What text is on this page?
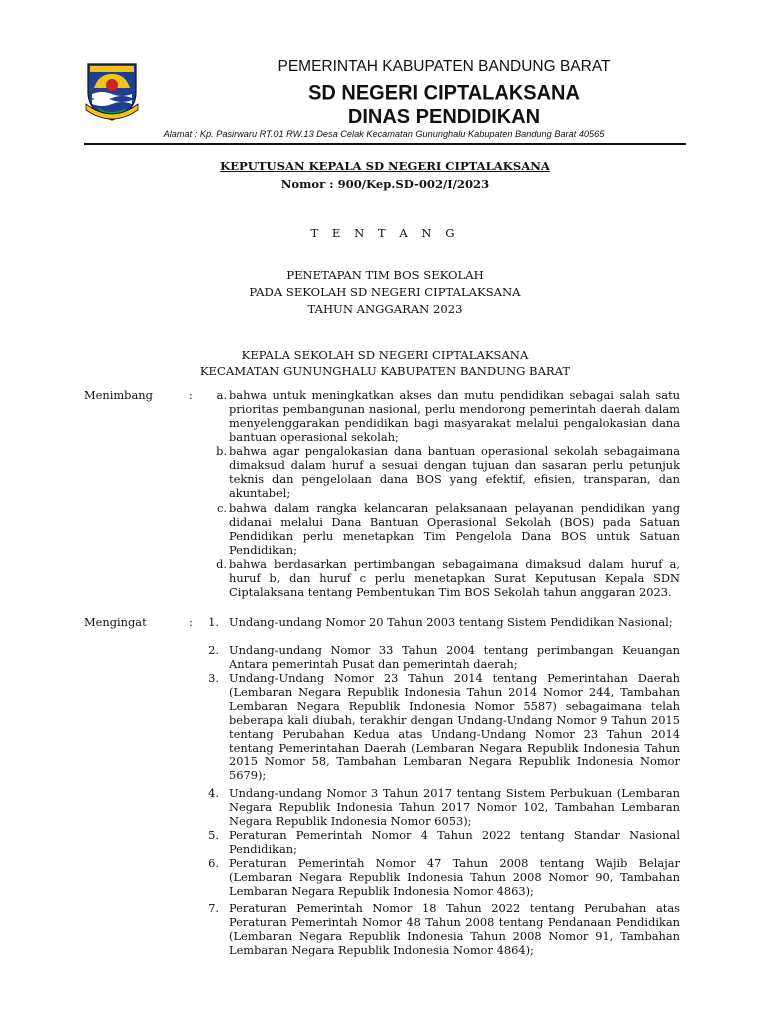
PEMERINTAH KABUPATEN BANDUNG BARAT
SD NEGERI CIPTALAKSANA
DINAS PENDIDIKAN
Alamat : Kp. Pasirwaru RT.01 RW.13 Desa Celak Kecamatan Gununghalu Kabupaten Bandung Barat 40565
KEPUTUSAN KEPALA SD NEGERI CIPTALAKSANA
Nomor : 900/Kep.SD-002/I/2023
T E N T A N G
PENETAPAN TIM BOS SEKOLAH
PADA SEKOLAH SD NEGERI CIPTALAKSANA
TAHUN ANGGARAN 2023
KEPALA SEKOLAH SD NEGERI CIPTALAKSANA
KECAMATAN GUNUNGHALU KABUPATEN BANDUNG BARAT
Menimbang	:	a. bahwa untuk meningkatkan akses dan mutu pendidikan sebagai salah satu prioritas pembangunan nasional, perlu mendorong pemerintah daerah dalam menyelenggarakan pendidikan bagi masyarakat melalui pengalokasian dana bantuan operasional sekolah;
b. bahwa agar pengalokasian dana bantuan operasional sekolah sebagaimana dimaksud dalam huruf a sesuai dengan tujuan dan sasaran perlu petunjuk teknis dan pengelolaan dana BOS yang efektif, efisien, transparan, dan akuntabel;
c. bahwa dalam rangka kelancaran pelaksanaan pelayanan pendidikan yang didanai melalui Dana Bantuan Operasional Sekolah (BOS) pada Satuan Pendidikan perlu menetapkan Tim Pengelola Dana BOS untuk Satuan Pendidikan;
d. bahwa berdasarkan pertimbangan sebagaimana dimaksud dalam huruf a, huruf b, dan huruf c perlu menetapkan Surat Keputusan Kepala SDN Ciptalaksana tentang Pembentukan Tim BOS Sekolah tahun anggaran 2023.
Mengingat	:	1. Undang-undang Nomor 20 Tahun 2003 tentang Sistem Pendidikan Nasional;
2. Undang-undang Nomor 33 Tahun 2004 tentang perimbangan Keuangan Antara pemerintah Pusat dan pemerintah daerah;
3. Undang-Undang Nomor 23 Tahun 2014 tentang Pemerintahan Daerah (Lembaran Negara Republik Indonesia Tahun 2014 Nomor 244, Tambahan Lembaran Negara Republik Indonesia Nomor 5587) sebagaimana telah beberapa kali diubah, terakhir dengan Undang-Undang Nomor 9 Tahun 2015 tentang Perubahan Kedua atas Undang-Undang Nomor 23 Tahun 2014 tentang Pemerintahan Daerah (Lembaran Negara Republik Indonesia Tahun 2015 Nomor 58, Tambahan Lembaran Negara Republik Indonesia Nomor 5679);
4. Undang-undang Nomor 3 Tahun 2017 tentang Sistem Perbukuan (Lembaran Negara Republik Indonesia Tahun 2017 Nomor 102, Tambahan Lembaran Negara Republik Indonesia Nomor 6053);
5. Peraturan Pemerintah Nomor 4 Tahun 2022 tentang Standar Nasional Pendidikan;
6. Peraturan Pemerintah Nomor 47 Tahun 2008 tentang Wajib Belajar (Lembaran Negara Republik Indonesia Tahun 2008 Nomor 90, Tambahan Lembaran Negara Republik Indonesia Nomor 4863);
7. Peraturan Pemerintah Nomor 18 Tahun 2022 tentang Perubahan atas Peraturan Pemerintah Nomor 48 Tahun 2008 tentang Pendanaan Pendidikan (Lembaran Negara Republik Indonesia Tahun 2008 Nomor 91, Tambahan Lembaran Negara Republik Indonesia Nomor 4864);
